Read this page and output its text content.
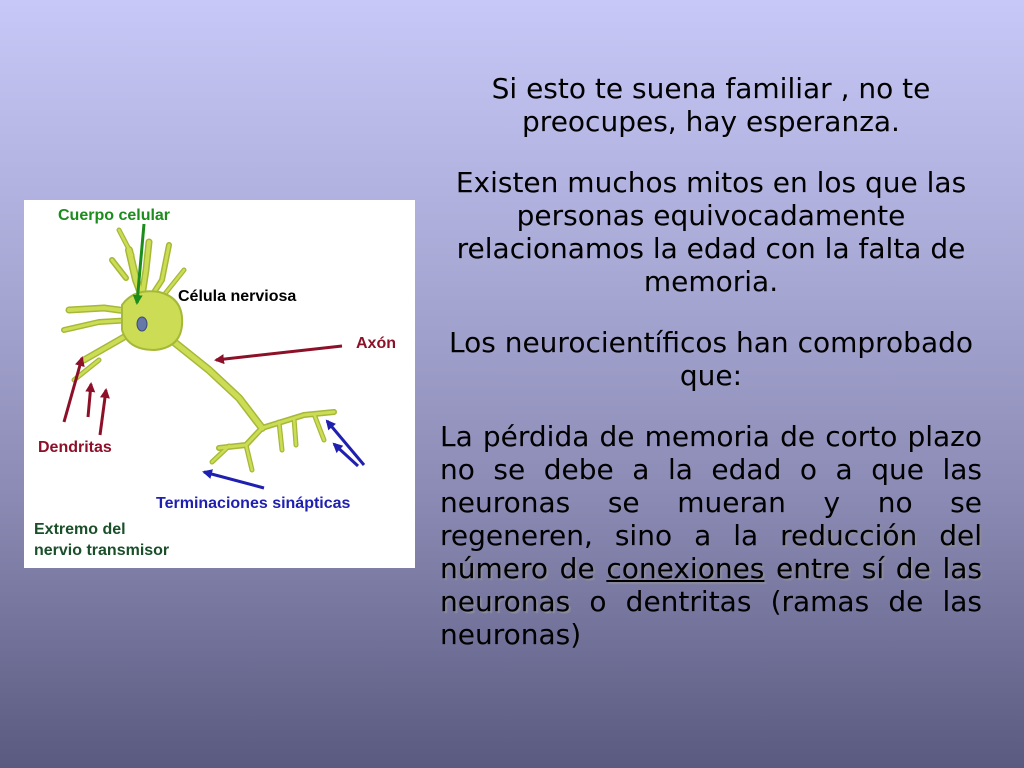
Si esto te suena familiar , no te preocupes, hay esperanza.

Existen muchos mitos en los que las personas equivocadamente relacionamos la edad con la falta de memoria.

Los neurocientíficos han comprobado que:

La pérdida de memoria de corto plazo no se debe a la edad o a que las neuronas se mueran y no se regeneren, sino a la reducción del número de conexiones entre sí de las neuronas o dentritas (ramas de las neuronas)

Cuerpo celular
Célula nerviosa
Axón
Dendritas
Terminaciones sinápticas
Extremo del
nervio transmisor
